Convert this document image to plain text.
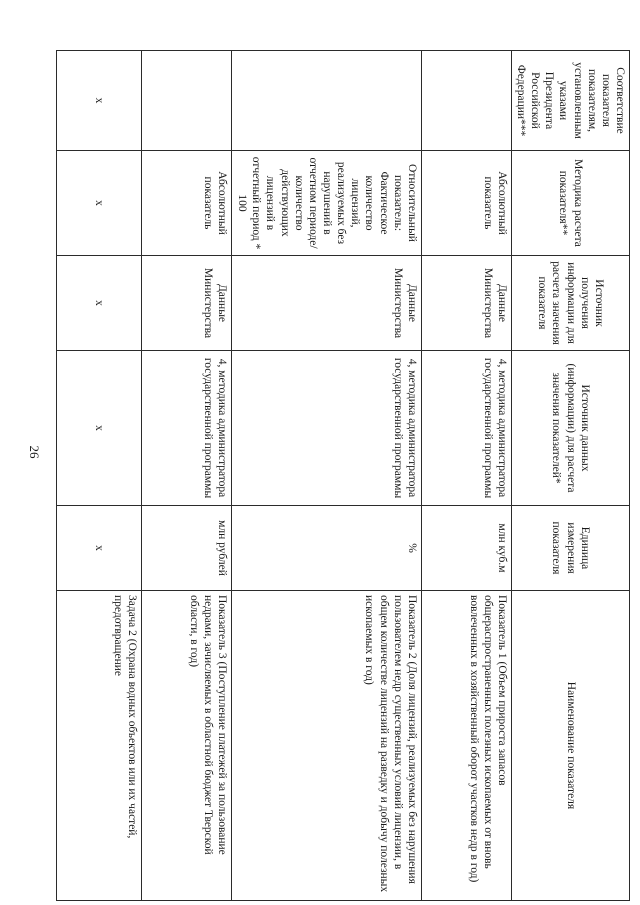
26
Соответствие показателя показателям, установленным указами Президента Российской Федерации***	Методика расчета показателя**	Источник получения информации для расчета значения показателя	Источник данных (информации) для расчета значения показателей*	Единица измерения показателя	Наименование показателя
	Абсолютный показатель	Данные Министерства	4, методика администратора государственной программы	млн куб.м	Показатель 1 (Объем прироста запасов общераспространенных полезных ископаемых от вновь вовлеченных в хозяйственный оборот участков недр в год)
	Относительный показатель: Фактическое количество лицензий, реализуемых без нарушений в отчетном периоде/ количество действующих лицензий в отчетный период * 100	Данные Министерства	4, методика администратора государственной программы	%	Показатель 2 (Доля лицензий, реализуемых без нарушения пользователем недр существенных условий лицензии, в общем количестве лицензий на разведку и добычу полезных ископаемых в год)
	Абсолютный показатель	Данные Министерства	4, методика администратора государственной программы	млн рублей	Показатель 3 (Поступление платежей за пользование недрами, зачисляемых в областной бюджет Тверской области, в год)
x	x	x	x	x	Задача 2 (Охрана водных объектов или их частей, предотвращение
